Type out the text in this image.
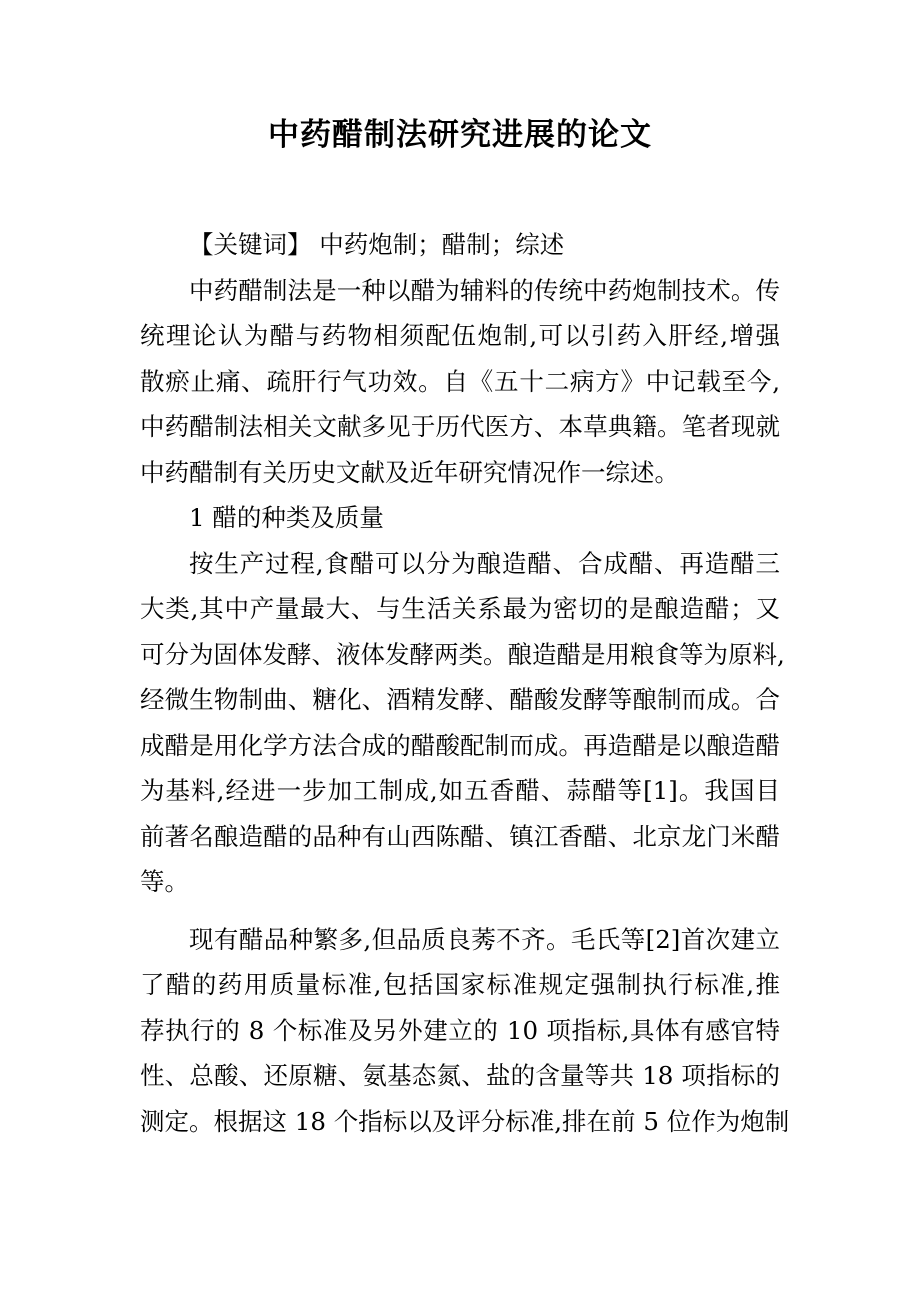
中药醋制法研究进展的论文
【关键词】 中药炮制；醋制；综述
中药醋制法是一种以醋为辅料的传统中药炮制技术。传
统理论认为醋与药物相须配伍炮制,可以引药入肝经,增强
散瘀止痛、疏肝行气功效。自《五十二病方》中记载至今,
中药醋制法相关文献多见于历代医方、本草典籍。笔者现就
中药醋制有关历史文献及近年研究情况作一综述。
1 醋的种类及质量
按生产过程,食醋可以分为酿造醋、合成醋、再造醋三
大类,其中产量最大、与生活关系最为密切的是酿造醋；又
可分为固体发酵、液体发酵两类。酿造醋是用粮食等为原料,
经微生物制曲、糖化、酒精发酵、醋酸发酵等酿制而成。合
成醋是用化学方法合成的醋酸配制而成。再造醋是以酿造醋
为基料,经进一步加工制成,如五香醋、蒜醋等[1]。我国目
前著名酿造醋的品种有山西陈醋、镇江香醋、北京龙门米醋
等。
现有醋品种繁多,但品质良莠不齐。毛氏等[2]首次建立
了醋的药用质量标准,包括国家标准规定强制执行标准,推
荐执行的 8 个标准及另外建立的 10 项指标,具体有感官特
性、总酸、还原糖、氨基态氮、盐的含量等共 18 项指标的
测定。根据这 18 个指标以及评分标准,排在前 5 位作为炮制
